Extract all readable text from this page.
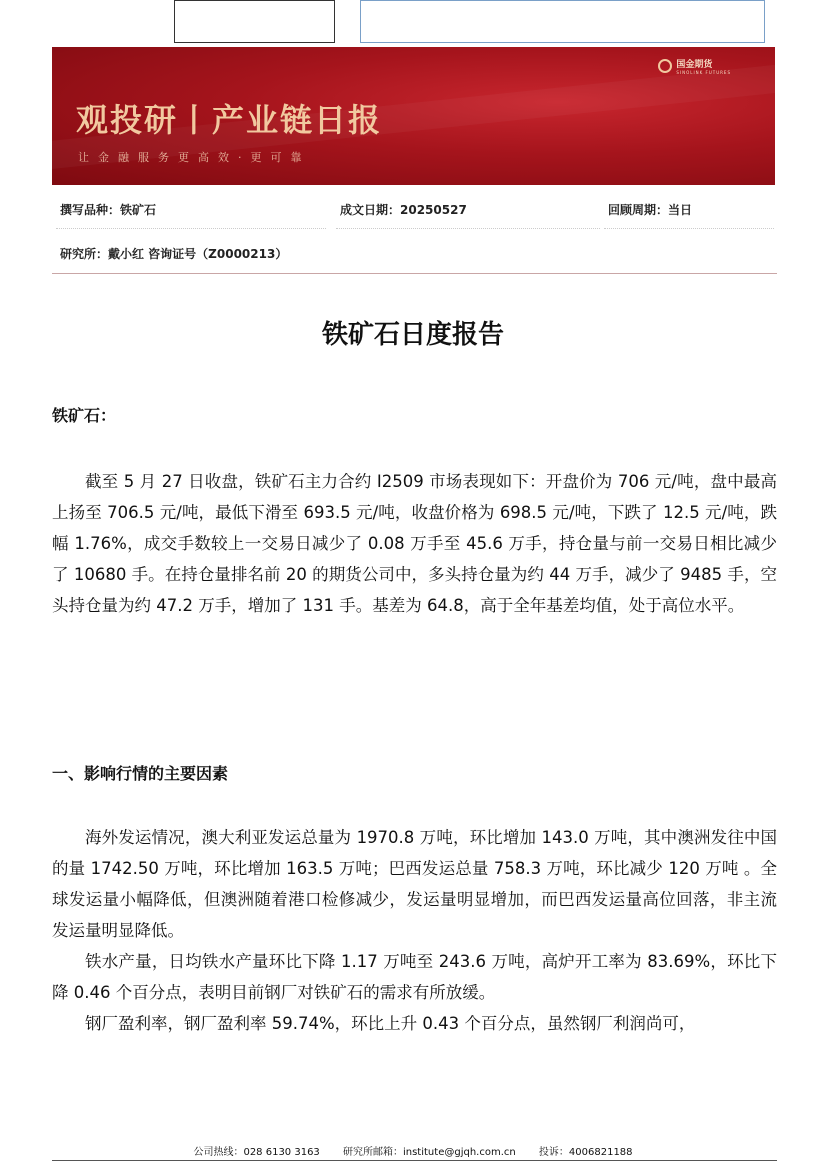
国金期货
SINOLINK FUTURES
观投研丨产业链日报
让金融服务更高效·更可靠
撰写品种：铁矿石	成文日期：20250527	回顾周期：当日
研究所：戴小红 咨询证号（Z0000213）
铁矿石日度报告
铁矿石：

截至 5 月 27 日收盘，铁矿石主力合约 I2509 市场表现如下：开盘价为 706 元/吨，盘中最高上扬至 706.5 元/吨，最低下滑至 693.5 元/吨，收盘价格为 698.5 元/吨，下跌了 12.5 元/吨，跌幅 1.76%，成交手数较上一交易日减少了 0.08 万手至 45.6 万手，持仓量与前一交易日相比减少了 10680 手。在持仓量排名前 20 的期货公司中，多头持仓量为约 44 万手，减少了 9485 手，空头持仓量为约 47.2 万手，增加了 131 手。基差为 64.8，高于全年基差均值，处于高位水平。

一、影响行情的主要因素

海外发运情况，澳大利亚发运总量为 1970.8 万吨，环比增加 143.0 万吨，其中澳洲发往中国的量 1742.50 万吨，环比增加 163.5 万吨；巴西发运总量 758.3 万吨，环比减少 120 万吨 。全球发运量小幅降低，但澳洲随着港口检修减少，发运量明显增加，而巴西发运量高位回落，非主流发运量明显降低。

铁水产量，日均铁水产量环比下降 1.17 万吨至 243.6 万吨，高炉开工率为 83.69%，环比下降 0.46 个百分点，表明目前钢厂对铁矿石的需求有所放缓。

钢厂盈利率，钢厂盈利率 59.74%，环比上升 0.43 个百分点，虽然钢厂利润尚可，

公司热线：028 6130 3163 研究所邮箱：institute@gjqh.com.cn 投诉：4006821188
